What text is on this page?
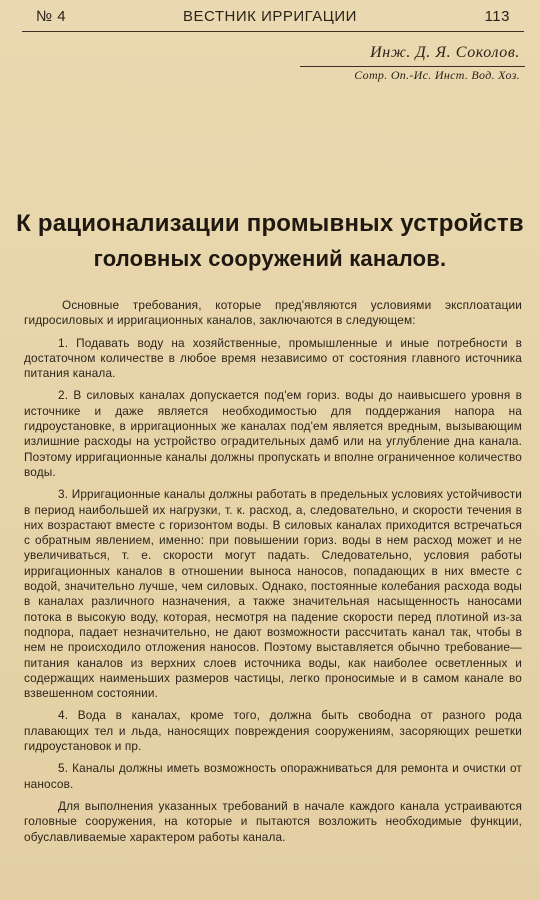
№ 4	ВЕСТНИК ИРРИГАЦИИ	113
Инж. Д. Я. Соколов.
Сотр. Оп.-Ис. Инст. Вод. Хоз.
К рационализации промывных устройств
головных сооружений каналов.

Основные требования, которые пред'являются условиями эксплоатации гидросиловых и ирригационных каналов, заключаются в следующем:

1. Подавать воду на хозяйственные, промышленные и иные потребности в достаточном количестве в любое время независимо от состояния главного источника питания канала.

2. В силовых каналах допускается под'ем гориз. воды до наивысшего уровня в источнике и даже является необходимостью для поддержания напора на гидроустановке, в ирригационных же каналах под'ем является вредным, вызывающим излишние расходы на устройство оградительных дамб или на углубление дна канала. Поэтому ирригационные каналы должны пропускать и вполне ограниченное количество воды.

3. Ирригационные каналы должны работать в предельных условиях устойчивости в период наибольшей их нагрузки, т. к. расход, а, следовательно, и скорости течения в них возрастают вместе с горизонтом воды. В силовых каналах приходится встречаться с обратным явлением, именно: при повышении гориз. воды в нем расход может и не увеличиваться, т. е. скорости могут падать. Следовательно, условия работы ирригационных каналов в отношении выноса наносов, попадающих в них вместе с водой, значительно лучше, чем силовых. Однако, постоянные колебания расхода воды в каналах различного назначения, а также значительная насыщенность наносами потока в высокую воду, которая, несмотря на падение скорости перед плотиной из-за подпора, падает незначительно, не дают возможности рассчитать канал так, чтобы в нем не происходило отложения наносов. Поэтому выставляется обычно требование—питания каналов из верхних слоев источника воды, как наиболее осветленных и содержащих наименьших размеров частицы, легко проносимые и в самом канале во взвешенном состоянии.

4. Вода в каналах, кроме того, должна быть свободна от разного рода плавающих тел и льда, наносящих повреждения сооружениям, засоряющих решетки гидроустановок и пр.

5. Каналы должны иметь возможность опоражниваться для ремонта и очистки от наносов.

Для выполнения указанных требований в начале каждого канала устраиваются головные сооружения, на которые и пытаются возложить необходимые функции, обуславливаемые характером работы канала.
